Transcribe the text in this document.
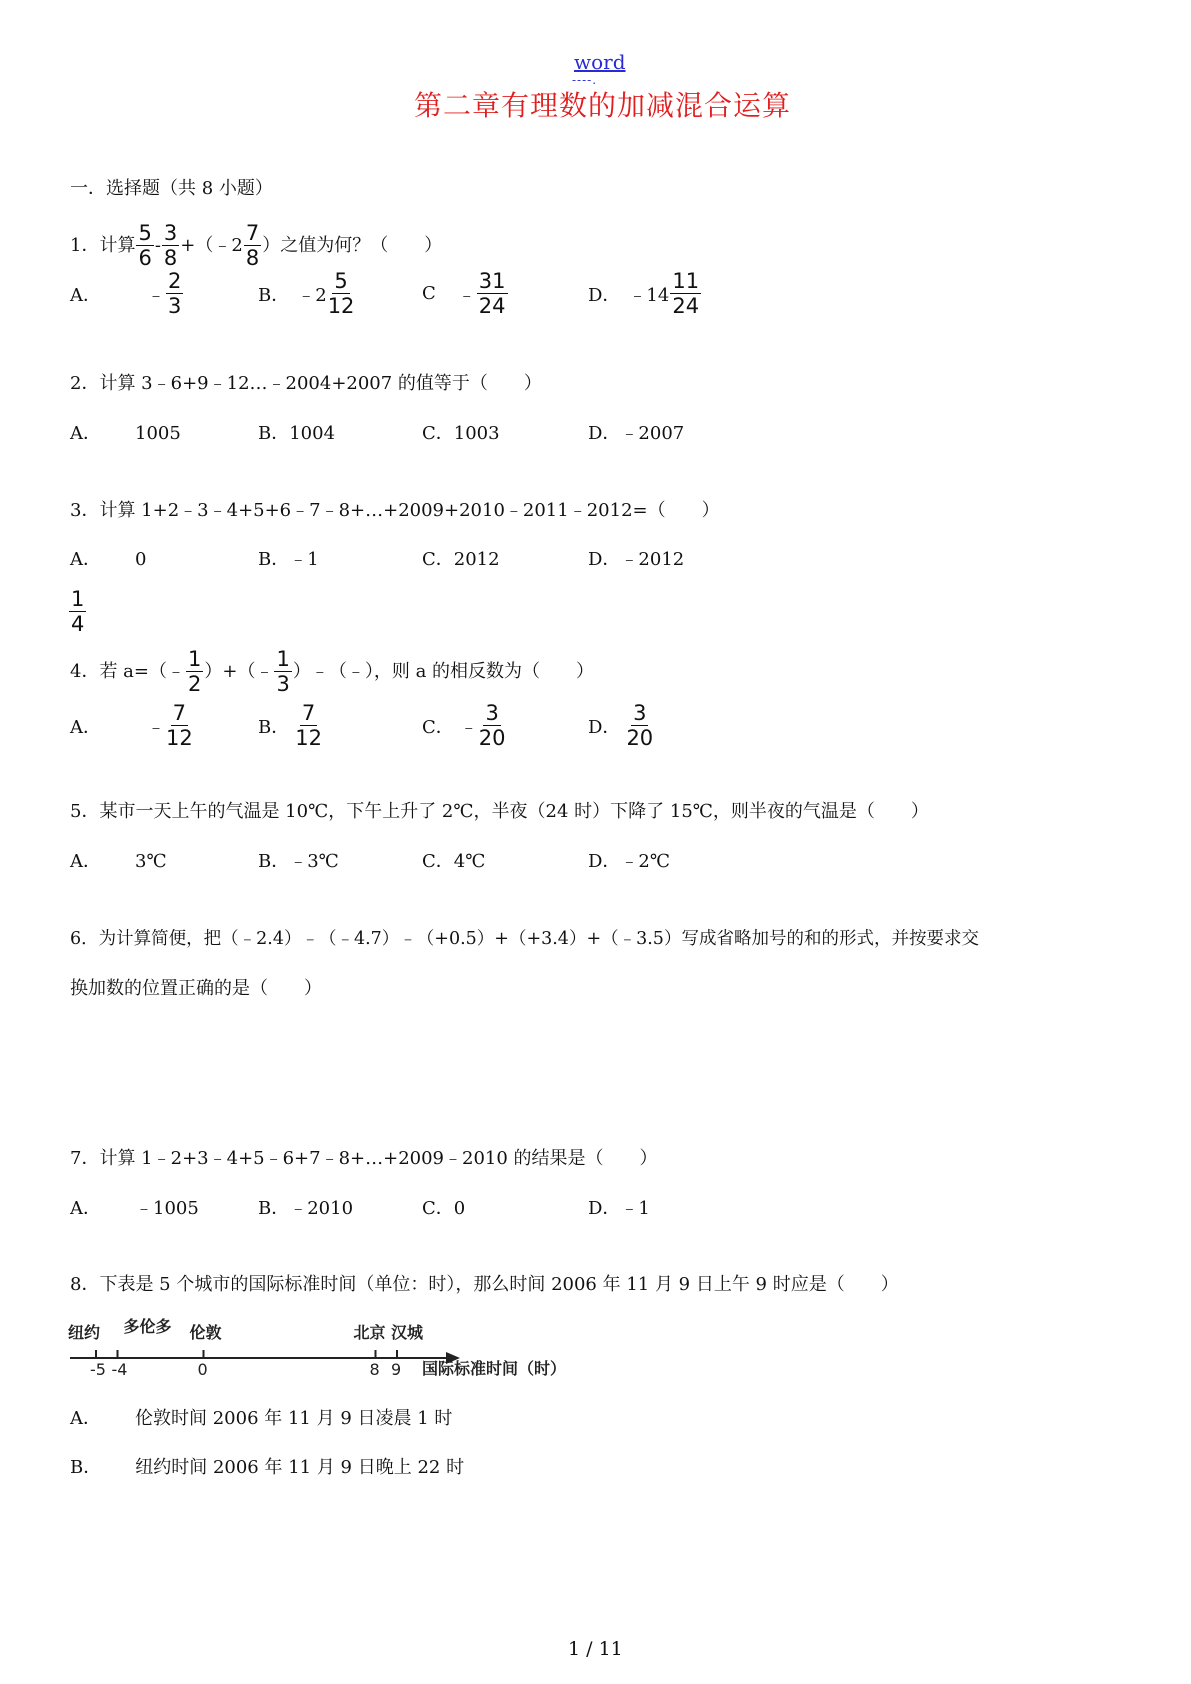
word
----.
第二章有理数的加减混合运算
一．选择题（共 8 小题）
1．计算 $\frac{5}{6} - \frac{3}{8}$ +（﹣2 $\frac{7}{8}$ ）之值为何？（　　）
A．	﹣ $\frac{2}{3}$	B． ﹣2 $\frac{5}{12}$	C ﹣ $\frac{31}{24}$	D． ﹣14 $\frac{11}{24}$
2．计算 3﹣6+9﹣12…﹣2004+2007 的值等于（　　）
A． 1005	B．1004	C．1003	D．﹣2007
3．计算 1+2﹣3﹣4+5+6﹣7﹣8+…+2009+2010﹣2011﹣2012=（　　）
A． 0	B．﹣1	C．2012	D．﹣2012
$\frac{1}{4}$
4．若 a=（﹣ $\frac{1}{2}$ ）+（﹣ $\frac{1}{3}$ ）﹣（﹣），则 a 的相反数为（　　）
A．	﹣ $\frac{7}{12}$	B． $\frac{7}{12}$	C． ﹣ $\frac{3}{20}$	D． $\frac{3}{20}$
5．某市一天上午的气温是 10℃，下午上升了 2℃，半夜（24 时）下降了 15℃，则半夜的气温是（　　）
A． 3℃	B．﹣3℃	C．4℃	D．﹣2℃
6．为计算简便，把（﹣2.4）﹣（﹣4.7）﹣（+0.5）+（+3.4）+（﹣3.5）写成省略加号的和的形式，并按要求交
换加数的位置正确的是（　　）
7．计算 1﹣2+3﹣4+5﹣6+7﹣8+…+2009﹣2010 的结果是（　　）
A． ﹣1005	B．﹣2010	C．0	D．﹣1
8．下表是 5 个城市的国际标准时间（单位：时），那么时间 2006 年 11 月 9 日上午 9 时应是（　　）
-5
纽约
-4
多伦多
0
伦敦
8
北京
9
汉城
国际标准时间（时）
A． 伦敦时间 2006 年 11 月 9 日凌晨 1 时
B． 纽约时间 2006 年 11 月 9 日晚上 22 时
1 / 11
